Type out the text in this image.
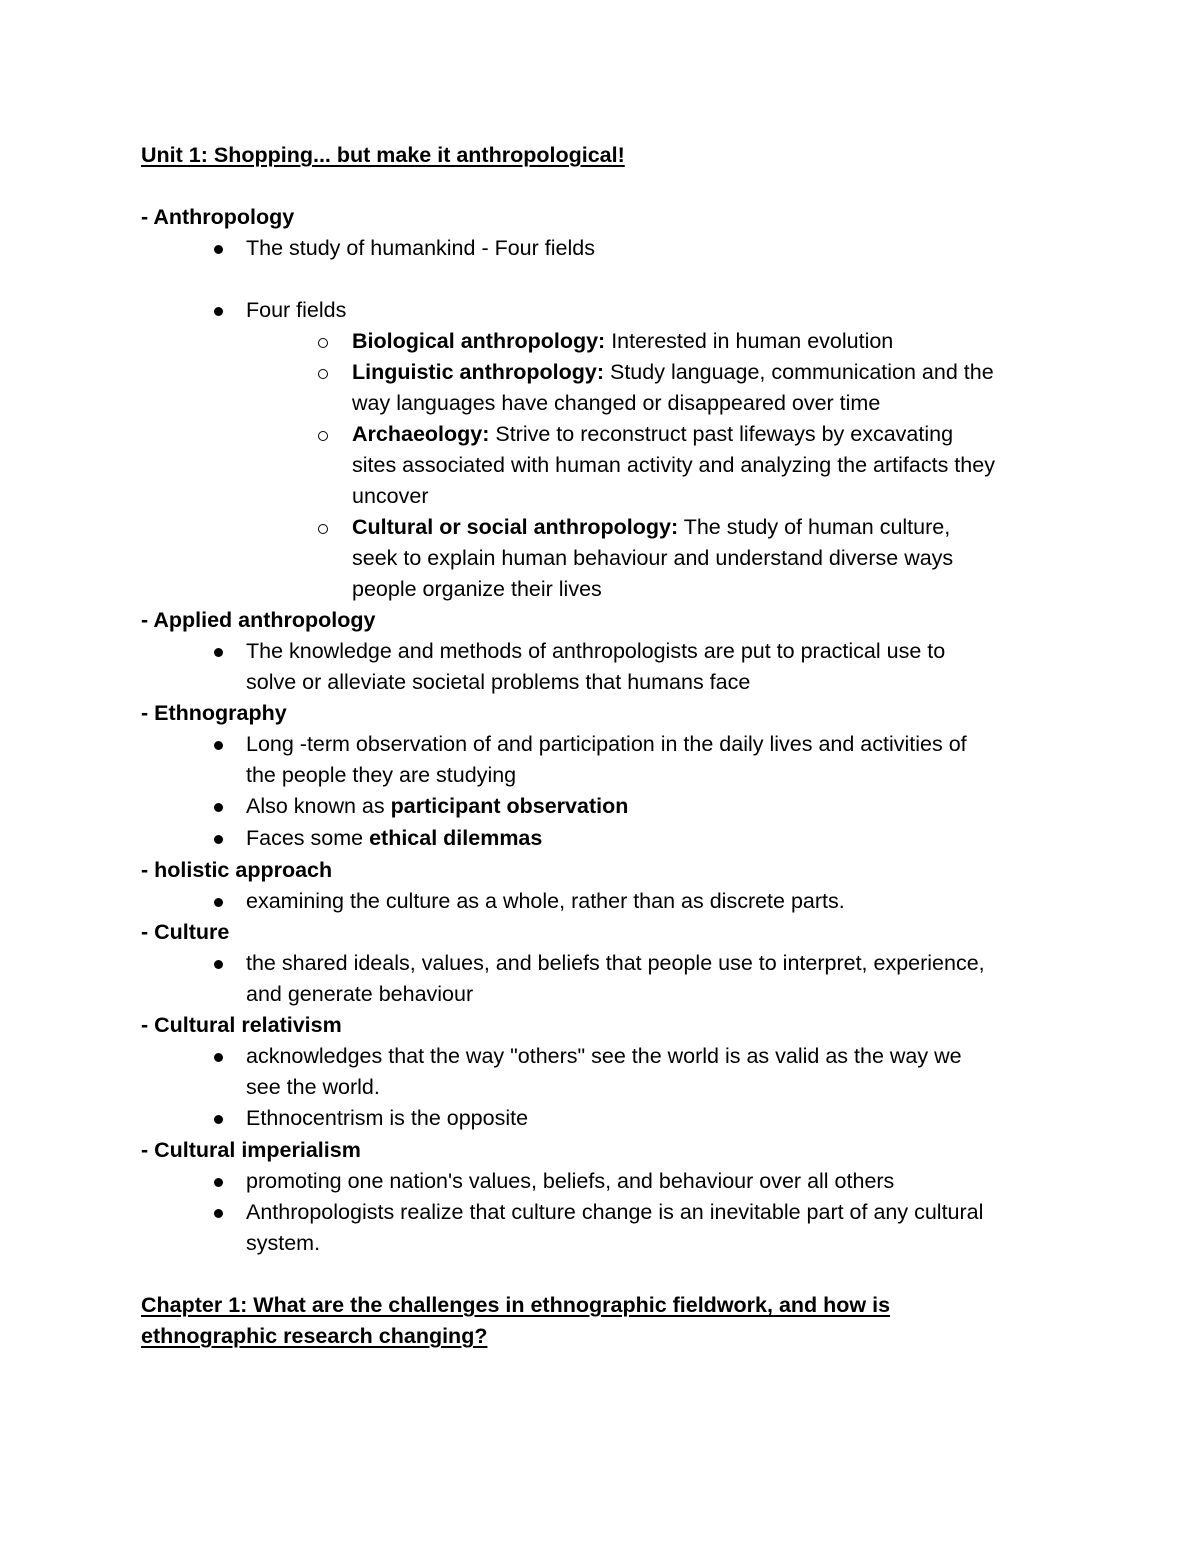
Unit 1: Shopping... but make it anthropological!
- Anthropology
The study of humankind - Four fields
Four fields
Biological anthropology: Interested in human evolution
Linguistic anthropology: Study language, communication and the
way languages have changed or disappeared over time
Archaeology: Strive to reconstruct past lifeways by excavating
sites associated with human activity and analyzing the artifacts they
uncover
Cultural or social anthropology: The study of human culture,
seek to explain human behaviour and understand diverse ways
people organize their lives
- Applied anthropology
The knowledge and methods of anthropologists are put to practical use to
solve or alleviate societal problems that humans face
- Ethnography
Long -term observation of and participation in the daily lives and activities of
the people they are studying
Also known as participant observation
Faces some ethical dilemmas
- holistic approach
examining the culture as a whole, rather than as discrete parts.
- Culture
the shared ideals, values, and beliefs that people use to interpret, experience,
and generate behaviour
- Cultural relativism
acknowledges that the way "others" see the world is as valid as the way we
see the world.
Ethnocentrism is the opposite
- Cultural imperialism
promoting one nation's values, beliefs, and behaviour over all others
Anthropologists realize that culture change is an inevitable part of any cultural
system.
Chapter 1: What are the challenges in ethnographic fieldwork, and how is
ethnographic research changing?
